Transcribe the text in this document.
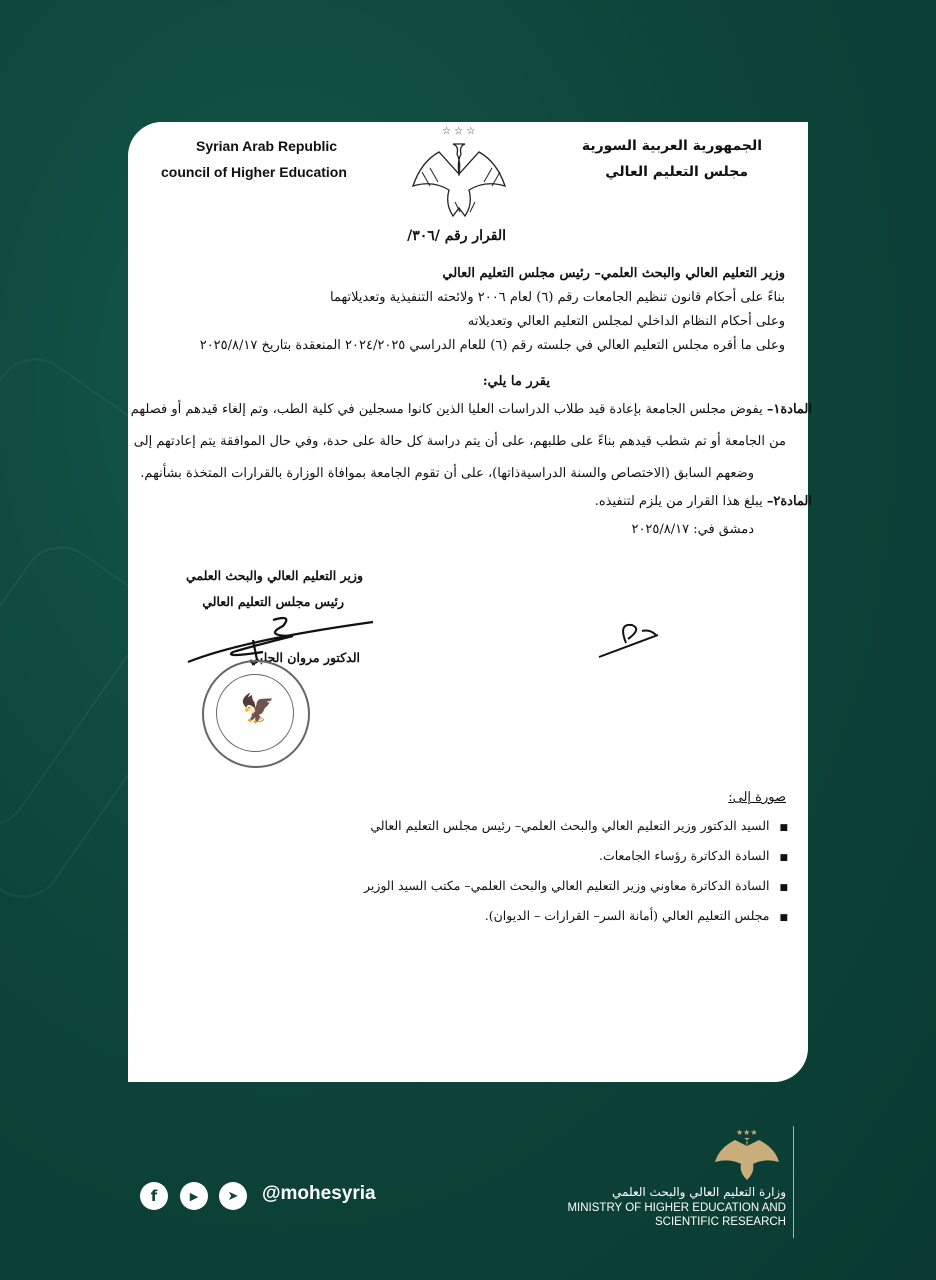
Syrian Arab Republic
council of Higher Education
☆ ☆ ☆
الجمهورية العربية السورية
مجلس التعليم العالي
القرار رقم /٣٠٦/
وزير التعليم العالي والبحث العلمي– رئيس مجلس التعليم العالي
بناءً على أحكام قانون تنظيم الجامعات رقم (٦) لعام ٢٠٠٦ ولائحته التنفيذية وتعديلاتهما
وعلى أحكام النظام الداخلي لمجلس التعليم العالي وتعديلاته
وعلى ما أقره مجلس التعليم العالي في جلسته رقم (٦) للعام الدراسي ٢٠٢٤/٢٠٢٥ المنعقدة بتاريخ ٢٠٢٥/٨/١٧
يقرر ما يلي:
المادة١– يفوض مجلس الجامعة بإعادة قيد طلاب الدراسات العليا الذين كانوا مسجلين في كلية الطب، وتم إلغاء قيدهم أو فصلهم
من الجامعة أو تم شطب قيدهم بناءً على طلبهم، على أن يتم دراسة كل حالة على حدة، وفي حال الموافقة يتم إعادتهم إلى
وضعهم السابق (الاختصاص والسنة الدراسيةذاتها)، على أن تقوم الجامعة بموافاة الوزارة بالقرارات المتخذة بشأنهم.
المادة٢– يبلغ هذا القرار من يلزم لتنفيذه.
دمشق في: ٢٠٢٥/٨/١٧
وزير التعليم العالي والبحث العلمي
رئيس مجلس التعليم العالي
الدكتور مروان الحلبي
🦅
صورة إلى:
■ السيد الدكتور وزير التعليم العالي والبحث العلمي– رئيس مجلس التعليم العالي
■ السادة الدكاترة رؤساء الجامعات.
■ السادة الدكاترة معاوني وزير التعليم العالي والبحث العلمي– مكتب السيد الوزير
■ مجلس التعليم العالي (أمانة السر– القرارات – الديوان).
f	▶	➤	@mohesyria
★★★
وزارة التعليم العالي والبحث العلمي
MINISTRY OF HIGHER EDUCATION AND
SCIENTIFIC RESEARCH
